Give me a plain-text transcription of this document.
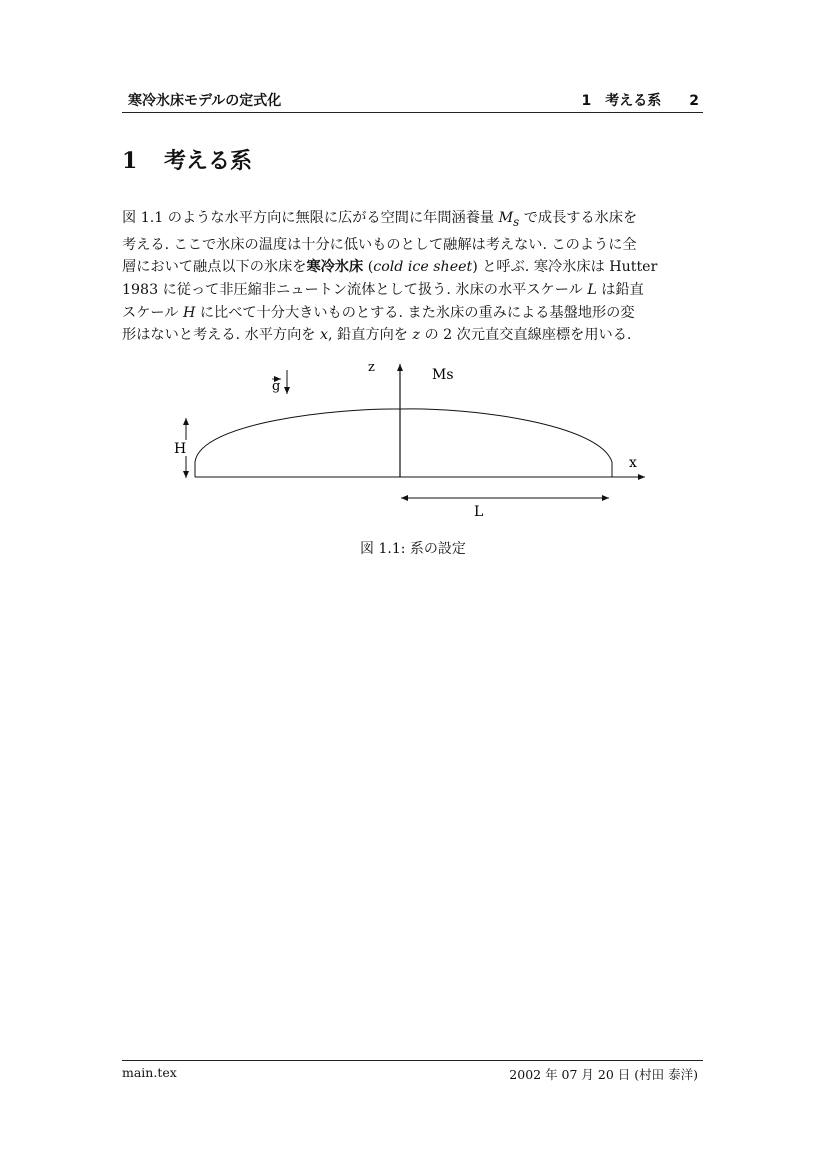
寒冷氷床モデルの定式化	1　考える系　　 2
1 考える系
図 1.1 のような水平方向に無限に広がる空間に年間涵養量 $M_s$ で成長する氷床を
考える. ここで氷床の温度は十分に低いものとして融解は考えない. このように全
層において融点以下の氷床を寒冷氷床 (cold ice sheet) と呼ぶ. 寒冷氷床は Hutter
1983 に従って非圧縮非ニュートン流体として扱う. 氷床の水平スケール L は鉛直
スケール H に比べて十分大きいものとする. また氷床の重みによる基盤地形の変
形はないと考える. 水平方向を x, 鉛直方向を z の 2 次元直交直線座標を用いる.
g
z	Ms
H
x
L
図 1.1: 系の設定
main.tex	2002 年 07 月 20 日 (村田 泰洋)
